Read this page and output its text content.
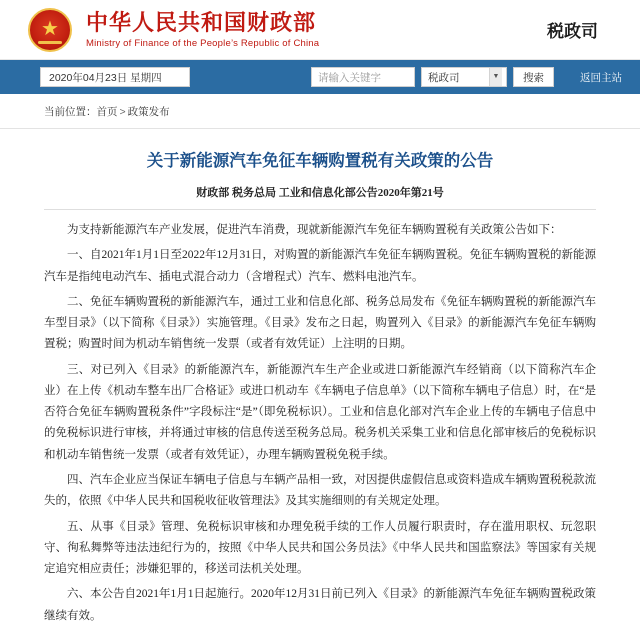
★
中华人民共和国财政部
Ministry of Finance of the People’s Republic of China
税政司
2020年04月23日 星期四	请输入关键字	税政司	▼	搜索	返回主站
当前位置：首页 > 政策发布
关于新能源汽车免征车辆购置税有关政策的公告
财政部 税务总局 工业和信息化部公告2020年第21号

为支持新能源汽车产业发展，促进汽车消费，现就新能源汽车免征车辆购置税有关政策公告如下：

一、自2021年1月1日至2022年12月31日，对购置的新能源汽车免征车辆购置税。免征车辆购置税的新能源汽车是指纯电动汽车、插电式混合动力（含增程式）汽车、燃料电池汽车。

二、免征车辆购置税的新能源汽车，通过工业和信息化部、税务总局发布《免征车辆购置税的新能源汽车车型目录》（以下简称《目录》）实施管理。《目录》发布之日起，购置列入《目录》的新能源汽车免征车辆购置税；购置时间为机动车销售统一发票（或者有效凭证）上注明的日期。

三、对已列入《目录》的新能源汽车，新能源汽车生产企业或进口新能源汽车经销商（以下简称汽车企业）在上传《机动车整车出厂合格证》或进口机动车《车辆电子信息单》（以下简称车辆电子信息）时，在“是否符合免征车辆购置税条件”字段标注“是”（即免税标识）。工业和信息化部对汽车企业上传的车辆电子信息中的免税标识进行审核，并将通过审核的信息传送至税务总局。税务机关采集工业和信息化部审核后的免税标识和机动车销售统一发票（或者有效凭证），办理车辆购置税免税手续。

四、汽车企业应当保证车辆电子信息与车辆产品相一致，对因提供虚假信息或资料造成车辆购置税税款流失的，依照《中华人民共和国税收征收管理法》及其实施细则的有关规定处理。

五、从事《目录》管理、免税标识审核和办理免税手续的工作人员履行职责时，存在滥用职权、玩忽职守、徇私舞弊等违法违纪行为的，按照《中华人民共和国公务员法》《中华人民共和国监察法》等国家有关规定追究相应责任；涉嫌犯罪的，移送司法机关处理。

六、本公告自2021年1月1日起施行。2020年12月31日前已列入《目录》的新能源汽车免征车辆购置税政策继续有效。
